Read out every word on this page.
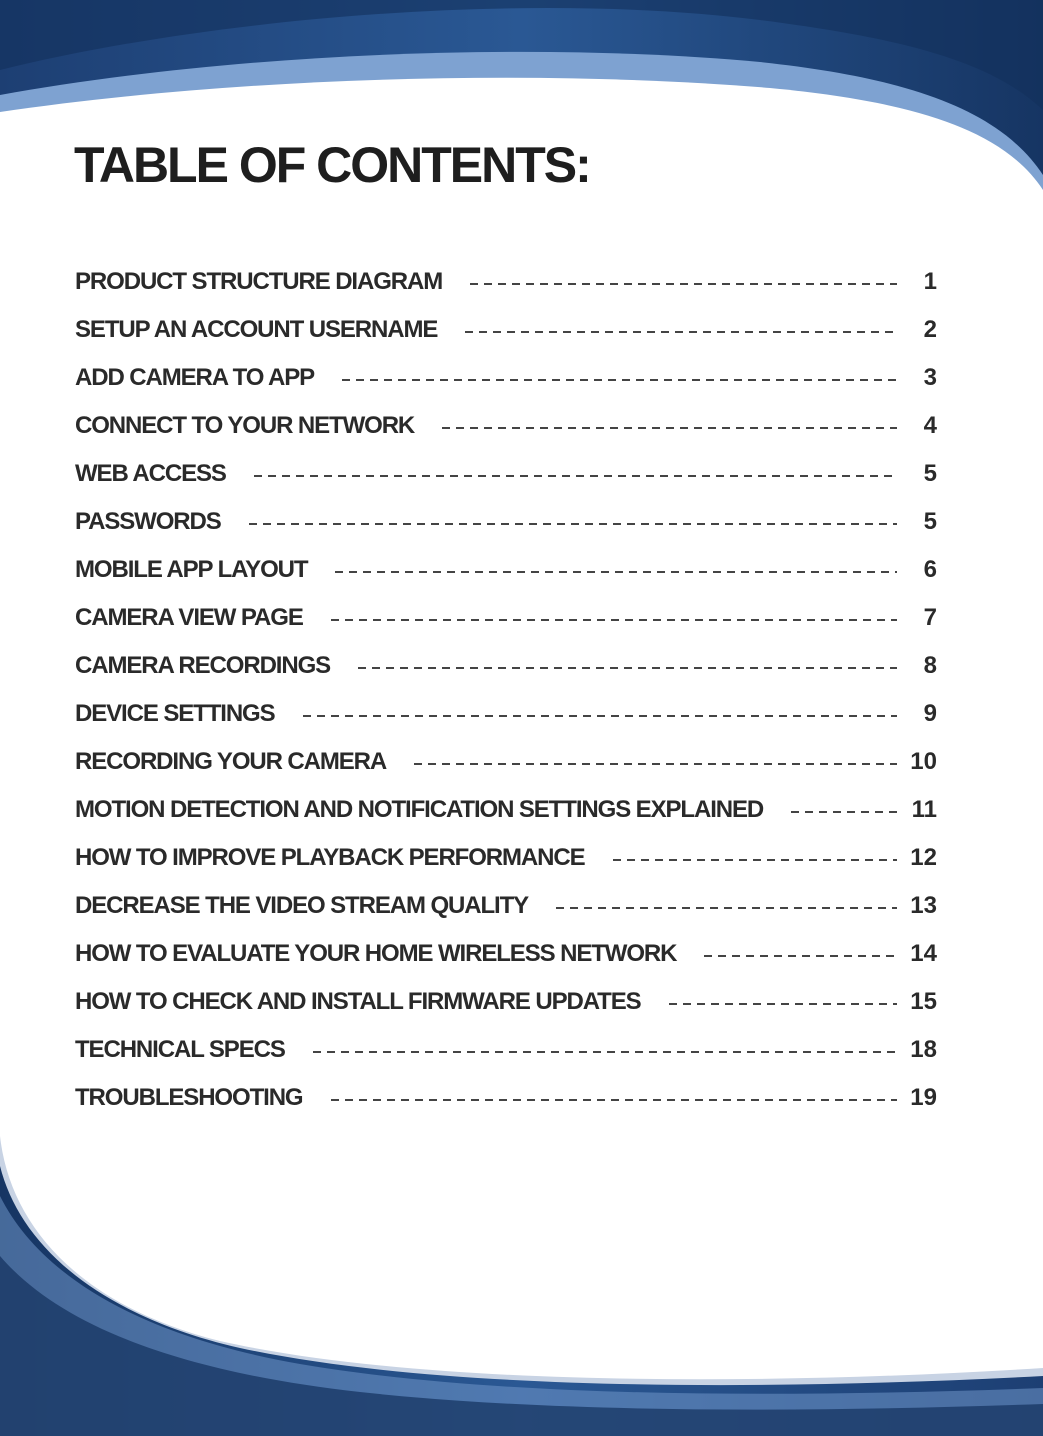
TABLE OF CONTENTS:
PRODUCT STRUCTURE DIAGRAM	1
SETUP AN ACCOUNT USERNAME	2
ADD CAMERA TO APP	3
CONNECT TO YOUR NETWORK	4
WEB ACCESS	5
PASSWORDS	5
MOBILE APP LAYOUT	6
CAMERA VIEW PAGE	7
CAMERA RECORDINGS	8
DEVICE SETTINGS	9
RECORDING YOUR CAMERA	10
MOTION DETECTION AND NOTIFICATION SETTINGS EXPLAINED	11
HOW TO IMPROVE PLAYBACK PERFORMANCE	12
DECREASE THE VIDEO STREAM QUALITY	13
HOW TO EVALUATE YOUR HOME WIRELESS NETWORK	14
HOW TO CHECK AND INSTALL FIRMWARE UPDATES	15
TECHNICAL SPECS	18
TROUBLESHOOTING	19
